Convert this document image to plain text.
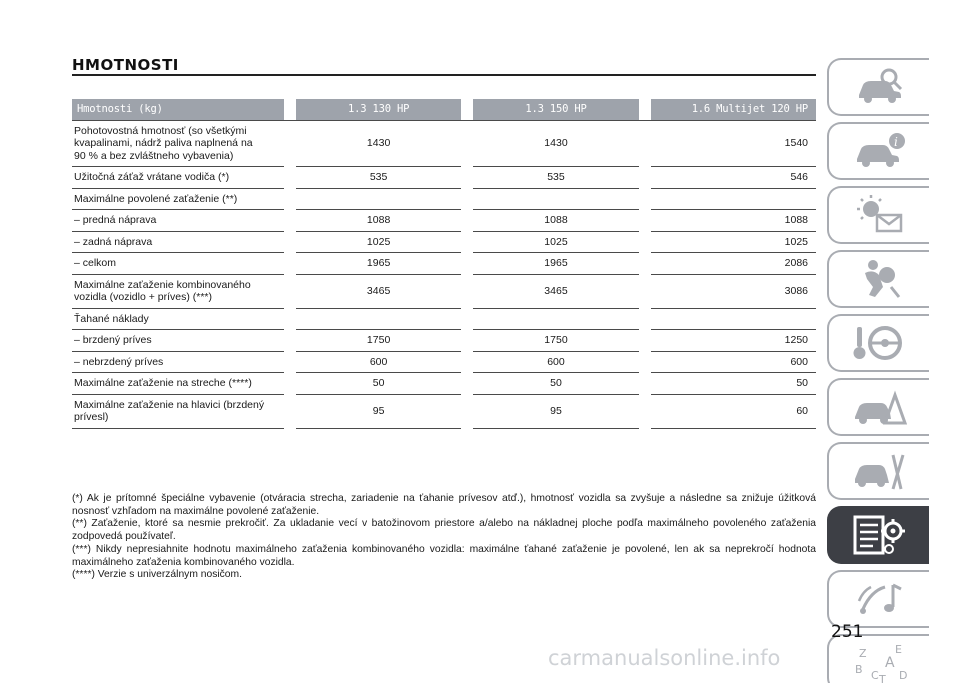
HMOTNOSTI
Hmotnosti (kg)		1.3 130 HP		1.3 150 HP		1.6 Multijet 120 HP
Pohotovostná hmotnosť (so všetkými
kvapalinami, nádrž paliva naplnená na
90 % a bez zvláštneho vybavenia)		1430		1430		1540
Užitočná záťaž vrátane vodiča (*)		535		535		546
Maximálne povolené zaťaženie (**)						
– predná náprava		1088		1088		1088
– zadná náprava		1025		1025		1025
– celkom		1965		1965		2086
Maximálne zaťaženie kombinovaného
vozidla (vozidlo + príves) (***)		3465		3465		3086
Ťahané náklady						
– brzdený príves		1750		1750		1250
– nebrzdený príves		600		600		600
Maximálne zaťaženie na streche (****)		50		50		50
Maximálne zaťaženie na hlavici (brzdený
prívesl)		95		95		60

(*) Ak je prítomné špeciálne vybavenie (otváracia strecha, zariadenie na ťahanie prívesov atď.), hmotnosť vozidla sa zvyšuje a následne sa znižuje úžitková nosnosť vzhľadom na maximálne povolené zaťaženie.

(**) Zaťaženie, ktoré sa nesmie prekročiť. Za ukladanie vecí v batožinovom priestore a/alebo na nákladnej ploche podľa maximálneho povoleného zaťaženia zodpovedá používateľ.

(***) Nikdy nepresiahnite hodnotu maximálneho zaťaženia kombinovaného vozidla: maximálne ťahané zaťaženie je povolené, len ak sa neprekročí hodnota maximálneho zaťaženia kombinovaného vozidla.

(****) Verzie s univerzálnym nosičom.

i
Z	E
B A
C T D
251
carmanualsonline.info
